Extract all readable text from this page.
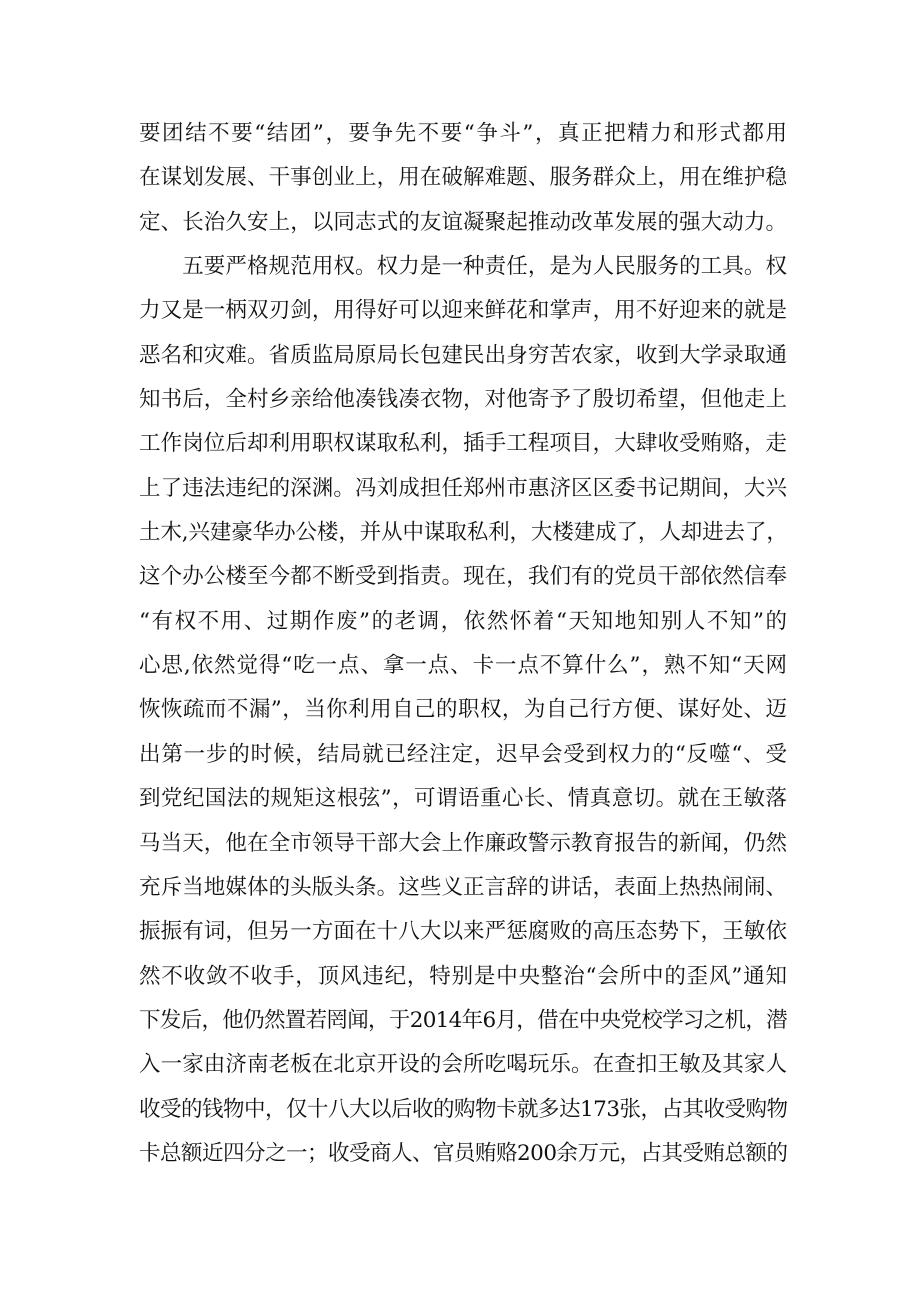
要团结不要“结团”，要争先不要“争斗”，真正把精力和形式都用
在谋划发展、干事创业上，用在破解难题、服务群众上，用在维护稳
定、长治久安上，以同志式的友谊凝聚起推动改革发展的强大动力。
　　五要严格规范用权。权力是一种责任，是为人民服务的工具。权
力又是一柄双刃剑，用得好可以迎来鲜花和掌声，用不好迎来的就是
恶名和灾难。省质监局原局长包建民出身穷苦农家，收到大学录取通
知书后，全村乡亲给他凑钱凑衣物，对他寄予了殷切希望，但他走上
工作岗位后却利用职权谋取私利，插手工程项目，大肆收受贿赂，走
上了违法违纪的深渊。冯刘成担任郑州市惠济区区委书记期间，大兴
土木,兴建豪华办公楼，并从中谋取私利，大楼建成了，人却进去了，
这个办公楼至今都不断受到指责。现在，我们有的党员干部依然信奉
“有权不用、过期作废”的老调，依然怀着“天知地知别人不知”的
心思,依然觉得“吃一点、拿一点、卡一点不算什么”，熟不知“天网
恢恢疏而不漏”，当你利用自己的职权，为自己行方便、谋好处、迈
出第一步的时候，结局就已经注定，迟早会受到权力的“反噬“、受
到党纪国法的规矩这根弦”，可谓语重心长、情真意切。就在王敏落
马当天，他在全市领导干部大会上作廉政警示教育报告的新闻，仍然
充斥当地媒体的头版头条。这些义正言辞的讲话，表面上热热闹闹、
振振有词，但另一方面在十八大以来严惩腐败的高压态势下，王敏依
然不收敛不收手，顶风违纪，特别是中央整治“会所中的歪风”通知
下发后，他仍然置若罔闻，于2014年6月，借在中央党校学习之机，潜
入一家由济南老板在北京开设的会所吃喝玩乐。在查扣王敏及其家人
收受的钱物中，仅十八大以后收的购物卡就多达173张，占其收受购物
卡总额近四分之一；收受商人、官员贿赂200余万元，占其受贿总额的
